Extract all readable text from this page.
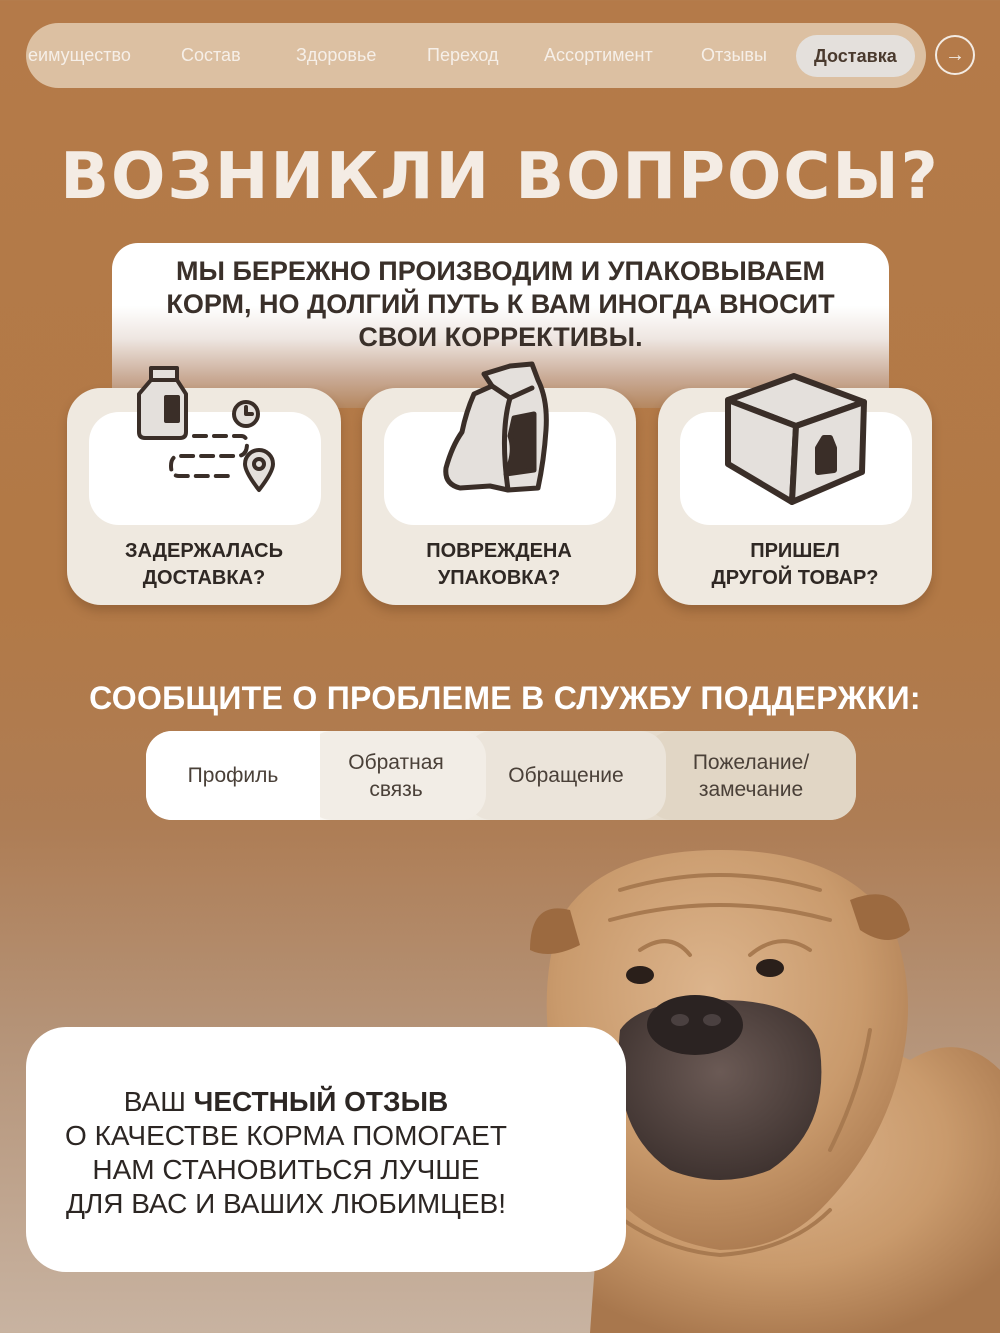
еимущество	Состав	Здоровье	Переход	Ассортимент	Отзывы	Доставка	→
ВОЗНИКЛИ ВОПРОСЫ?
МЫ БЕРЕЖНО ПРОИЗВОДИМ И УПАКОВЫВАЕМ
КОРМ, НО ДОЛГИЙ ПУТЬ К ВАМ ИНОГДА ВНОСИТ
СВОИ КОРРЕКТИВЫ.
ЗАДЕРЖАЛАСЬ
ДОСТАВКА?
ПОВРЕЖДЕНА
УПАКОВКА?
ПРИШЕЛ
ДРУГОЙ ТОВАР?
СООБЩИТЕ О ПРОБЛЕМЕ В СЛУЖБУ ПОДДЕРЖКИ:
Пожелание/
замечание
Обращение
Обратная
связь
Профиль
ВАШ ЧЕСТНЫЙ ОТЗЫВ
О КАЧЕСТВЕ КОРМА ПОМОГАЕТ
НАМ СТАНОВИТЬСЯ ЛУЧШЕ
ДЛЯ ВАС И ВАШИХ ЛЮБИМЦЕВ!
